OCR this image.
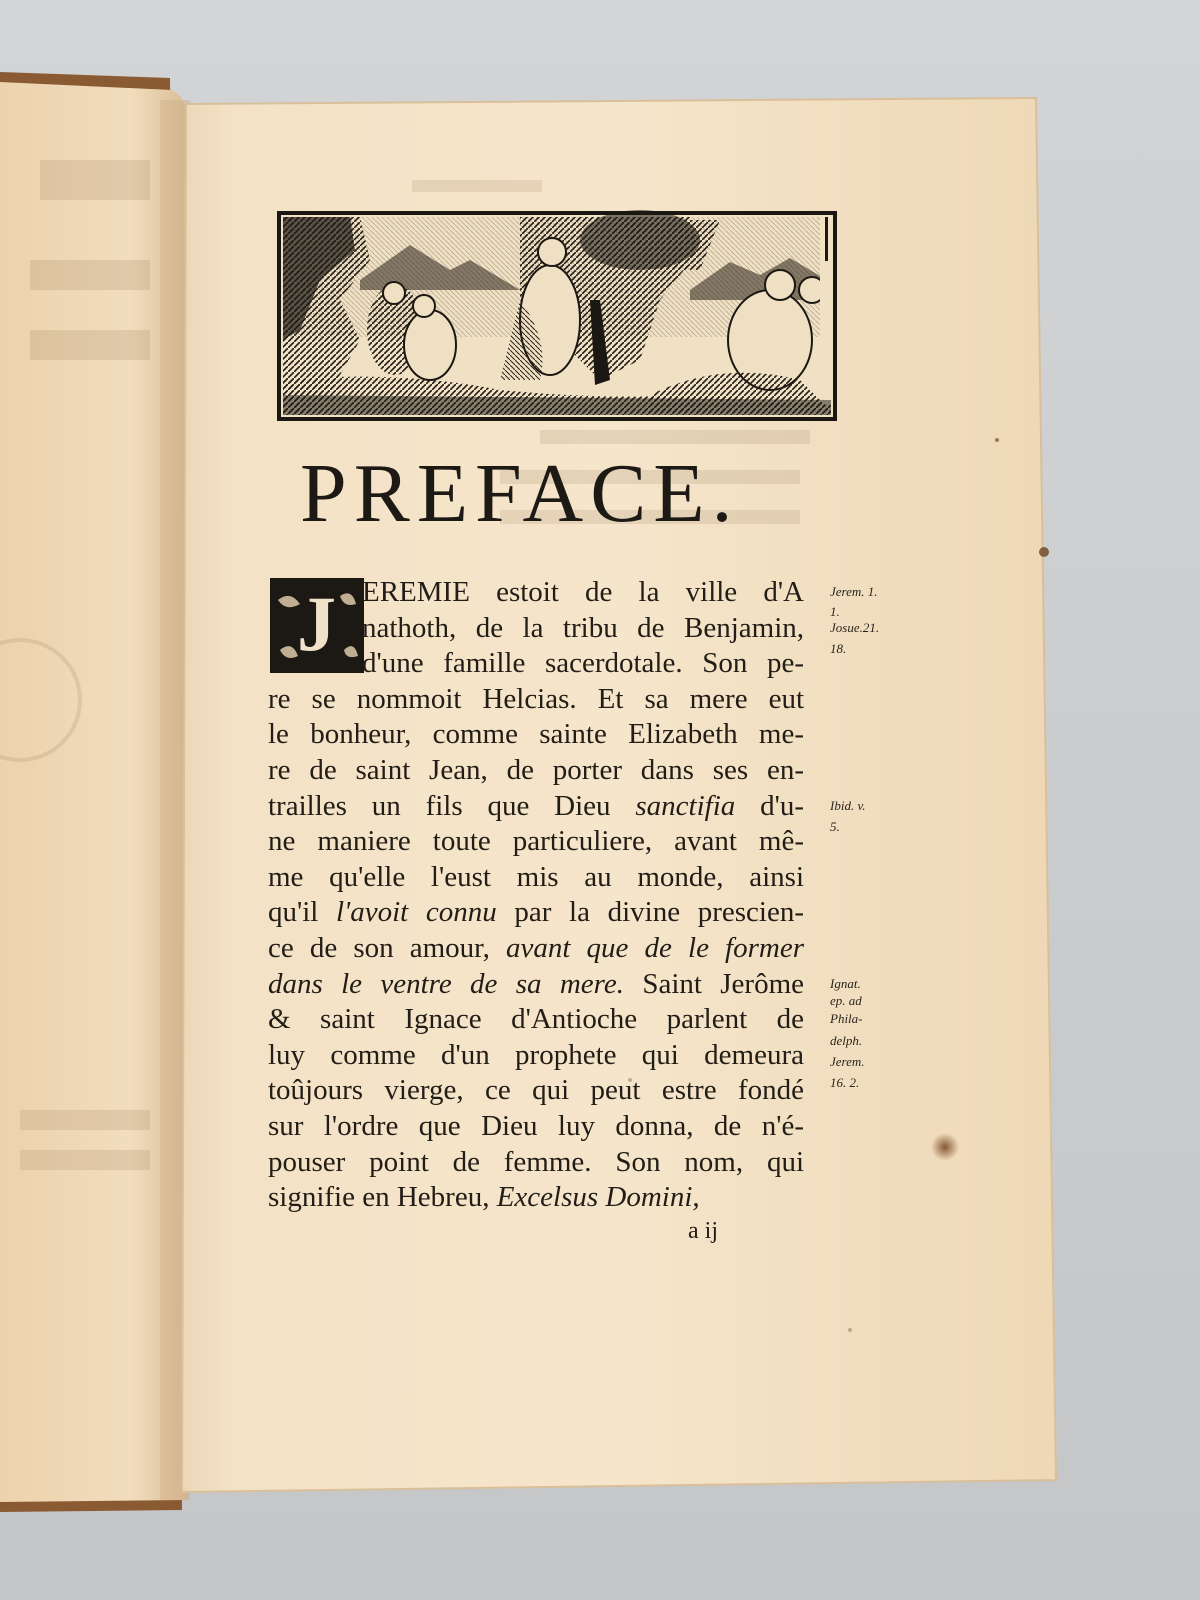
PREFACE.
J EREMIE estoit de la ville d'A
nathoth, de la tribu de Benjamin,
d'une famille sacerdotale. Son pe-
re se nommoit Helcias. Et sa mere eut
le bonheur, comme sainte Elizabeth me-
re de saint Jean, de porter dans ses en-
trailles un fils que Dieu sanctifia d'u-
ne maniere toute particuliere, avant mê-
me qu'elle l'eust mis au monde, ainsi
qu'il l'avoit connu par la divine prescien-
ce de son amour, avant que de le former
dans le ventre de sa mere. Saint Jerôme
& saint Ignace d'Antioche parlent de
luy comme d'un prophete qui demeura
toûjours vierge, ce qui peut estre fondé
sur l'ordre que Dieu luy donna, de n'é-
pouser point de femme. Son nom, qui
signifie en Hebreu, Excelsus Domini,
Jerem. 1.
1.
Josue.21.
18.
Ibid. v.
5.
Ignat.
ep. ad
Phila-
delph.
Jerem.
16. 2.
a ij
